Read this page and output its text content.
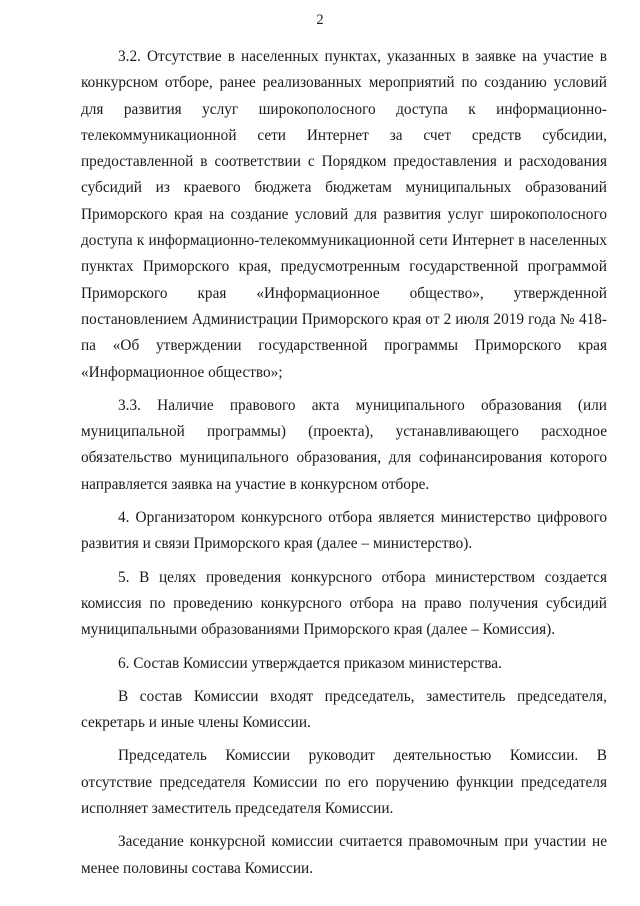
2

3.2. Отсутствие в населенных пунктах, указанных в заявке на участие в конкурсном отборе, ранее реализованных мероприятий по созданию условий для развития услуг широкополосного доступа к информационно-телекоммуникационной сети Интернет за счет средств субсидии, предоставленной в соответствии с Порядком предоставления и расходования субсидий из краевого бюджета бюджетам муниципальных образований Приморского края на создание условий для развития услуг широкополосного доступа к информационно-телекоммуникационной сети Интернет в населенных пунктах Приморского края, предусмотренным государственной программой Приморского края «Информационное общество», утвержденной постановлением Администрации Приморского края от 2 июля 2019 года № 418-па «Об утверждении государственной программы Приморского края «Информационное общество»;

3.3. Наличие правового акта муниципального образования (или муниципальной программы) (проекта), устанавливающего расходное обязательство муниципального образования, для софинансирования которого направляется заявка на участие в конкурсном отборе.

4. Организатором конкурсного отбора является министерство цифрового развития и связи Приморского края (далее – министерство).

5. В целях проведения конкурсного отбора министерством создается комиссия по проведению конкурсного отбора на право получения субсидий муниципальными образованиями Приморского края (далее – Комиссия).

6. Состав Комиссии утверждается приказом министерства.

В состав Комиссии входят председатель, заместитель председателя, секретарь и иные члены Комиссии.

Председатель Комиссии руководит деятельностью Комиссии. В отсутствие председателя Комиссии по его поручению функции председателя исполняет заместитель председателя Комиссии.

Заседание конкурсной комиссии считается правомочным при участии не менее половины состава Комиссии.
